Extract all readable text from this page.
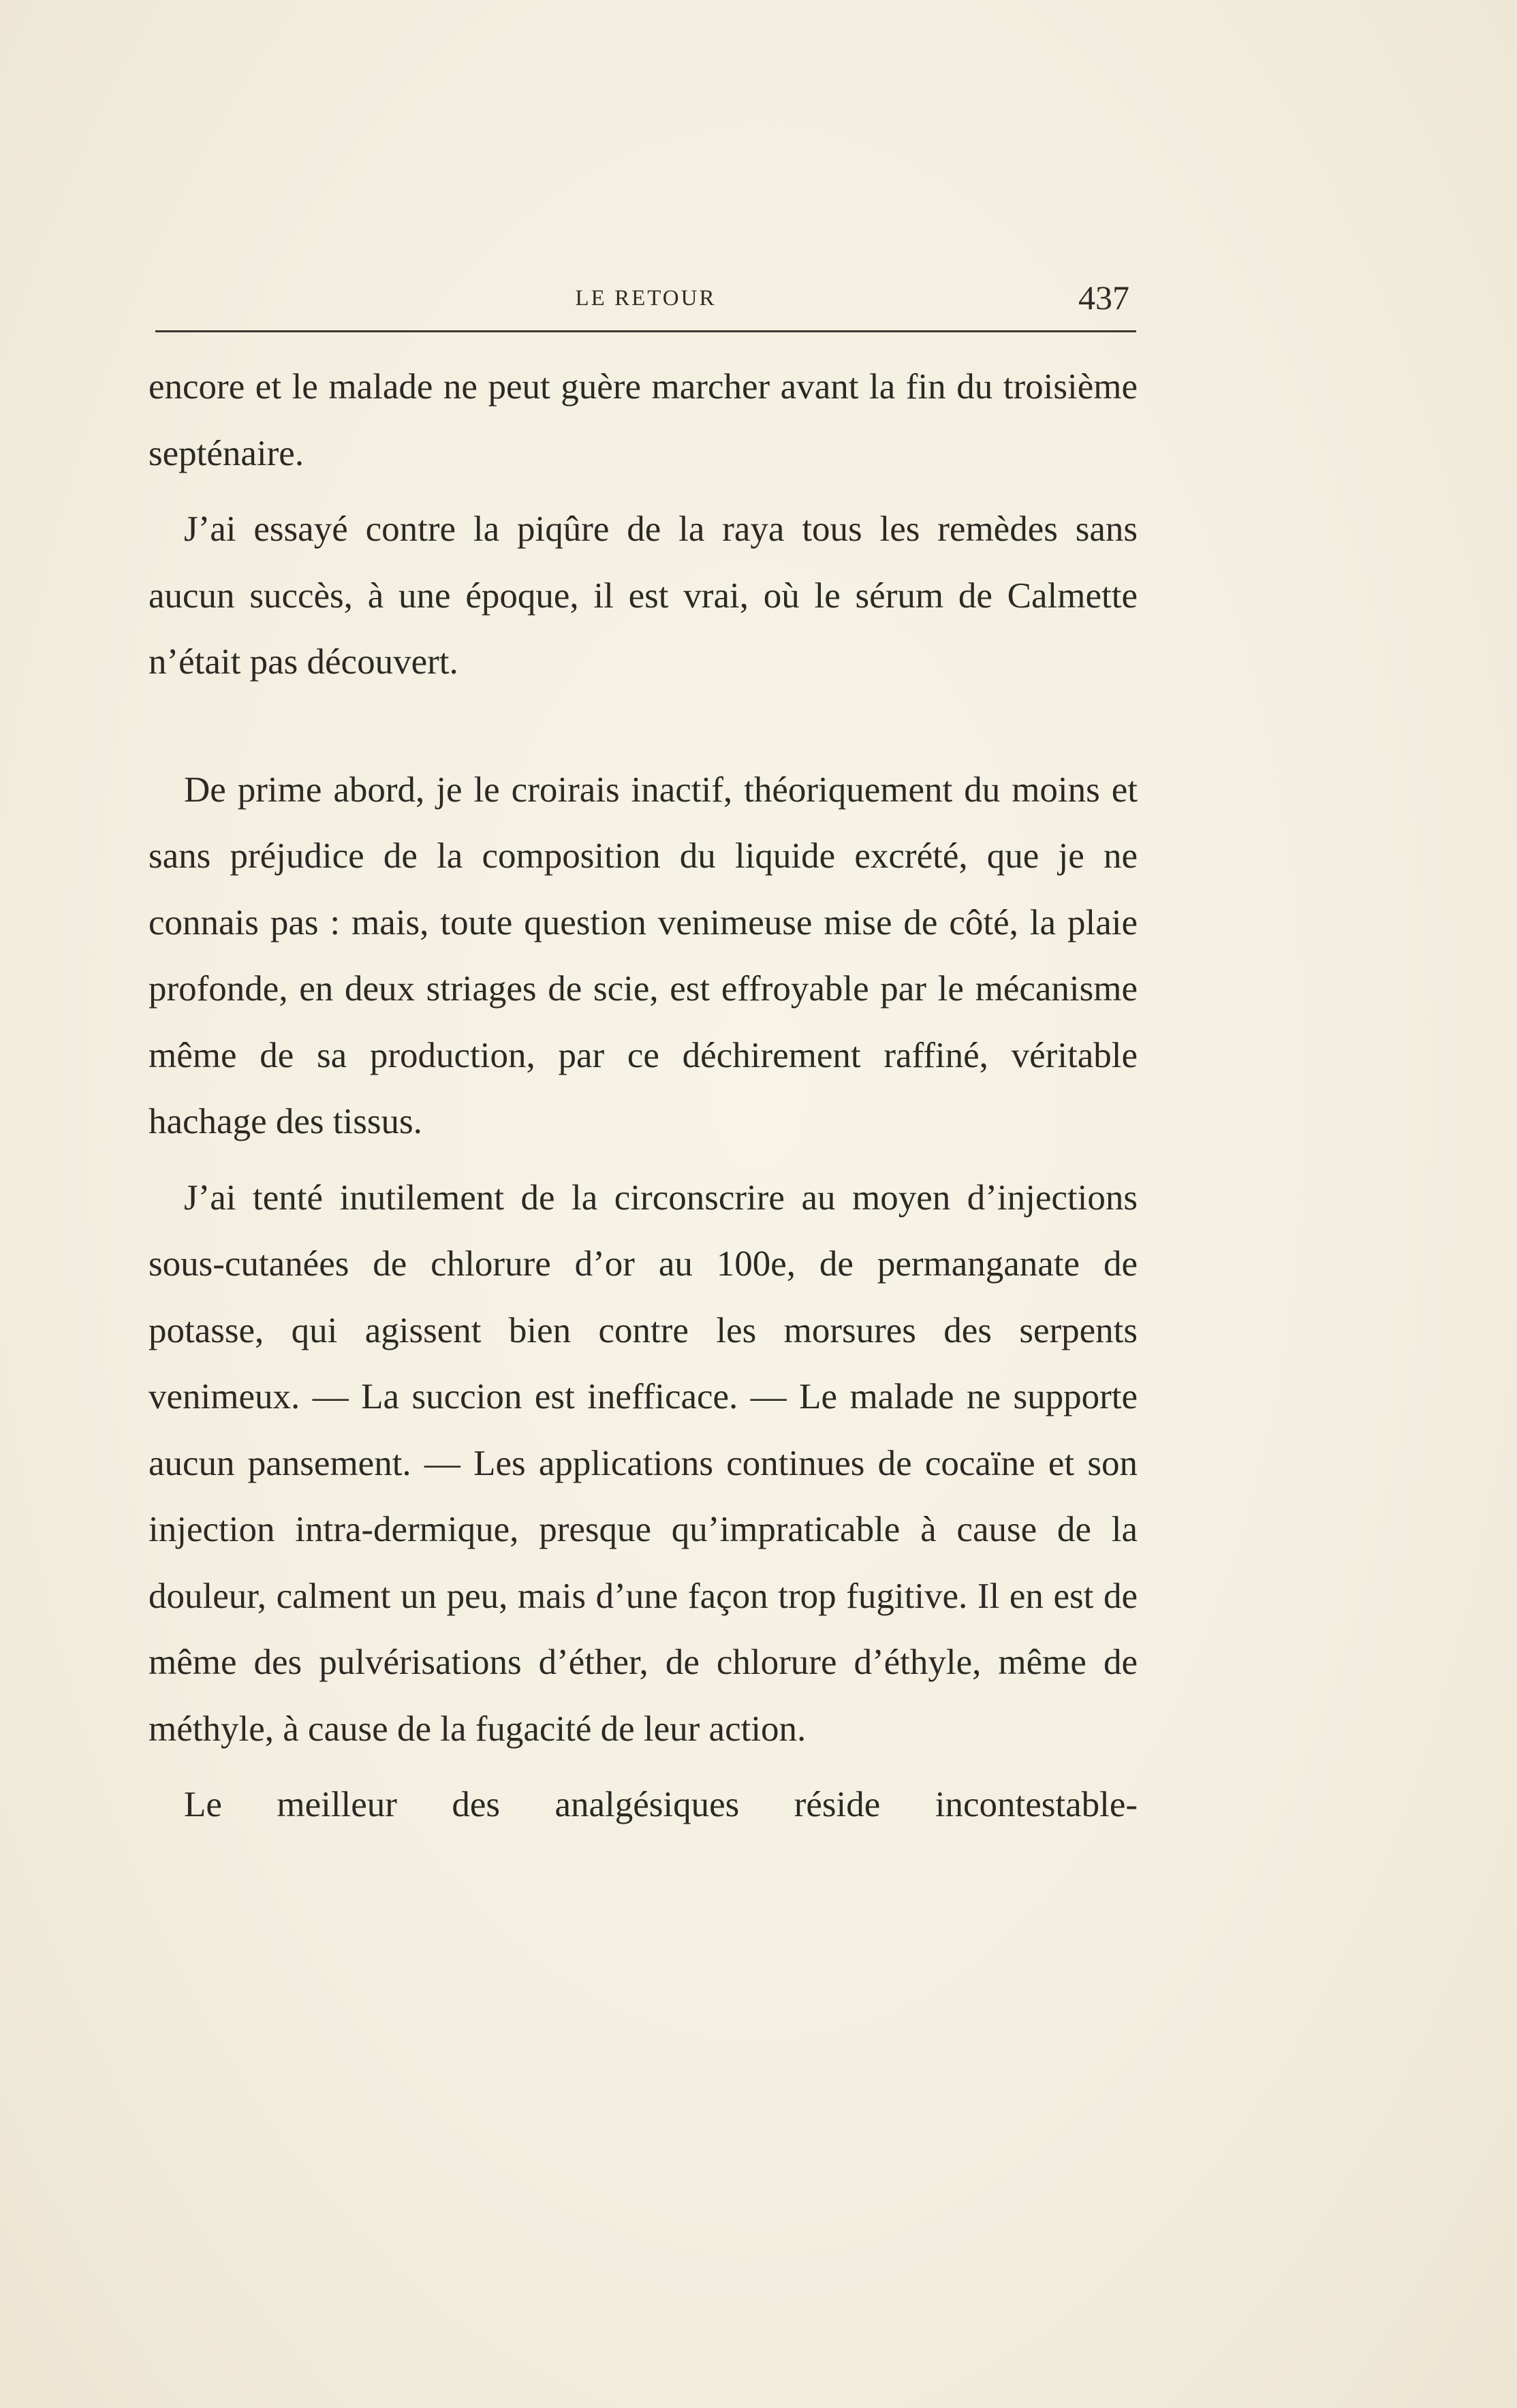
LE RETOUR	437

encore et le malade ne peut guère marcher avant la fin du troisième septénaire.

J’ai essayé contre la piqûre de la raya tous les remèdes sans aucun succès, à une époque, il est vrai, où le sérum de Calmette n’était pas découvert.

De prime abord, je le croirais inactif, théoriquement du moins et sans préjudice de la composition du liquide excrété, que je ne connais pas : mais, toute question venimeuse mise de côté, la plaie profonde, en deux striages de scie, est effroyable par le mécanisme même de sa production, par ce déchirement raffiné, véritable hachage des tissus.

J’ai tenté inutilement de la circonscrire au moyen d’injections sous-cutanées de chlorure d’or au 100e, de permanganate de potasse, qui agissent bien contre les morsures des serpents venimeux. — La succion est inefficace. — Le malade ne supporte aucun pansement. — Les applications continues de cocaïne et son injection intra-dermique, presque qu’impraticable à cause de la douleur, calment un peu, mais d’une façon trop fugitive. Il en est de même des pulvérisations d’éther, de chlorure d’éthyle, même de méthyle, à cause de la fugacité de leur action.

Le meilleur des analgésiques réside incontestable-
